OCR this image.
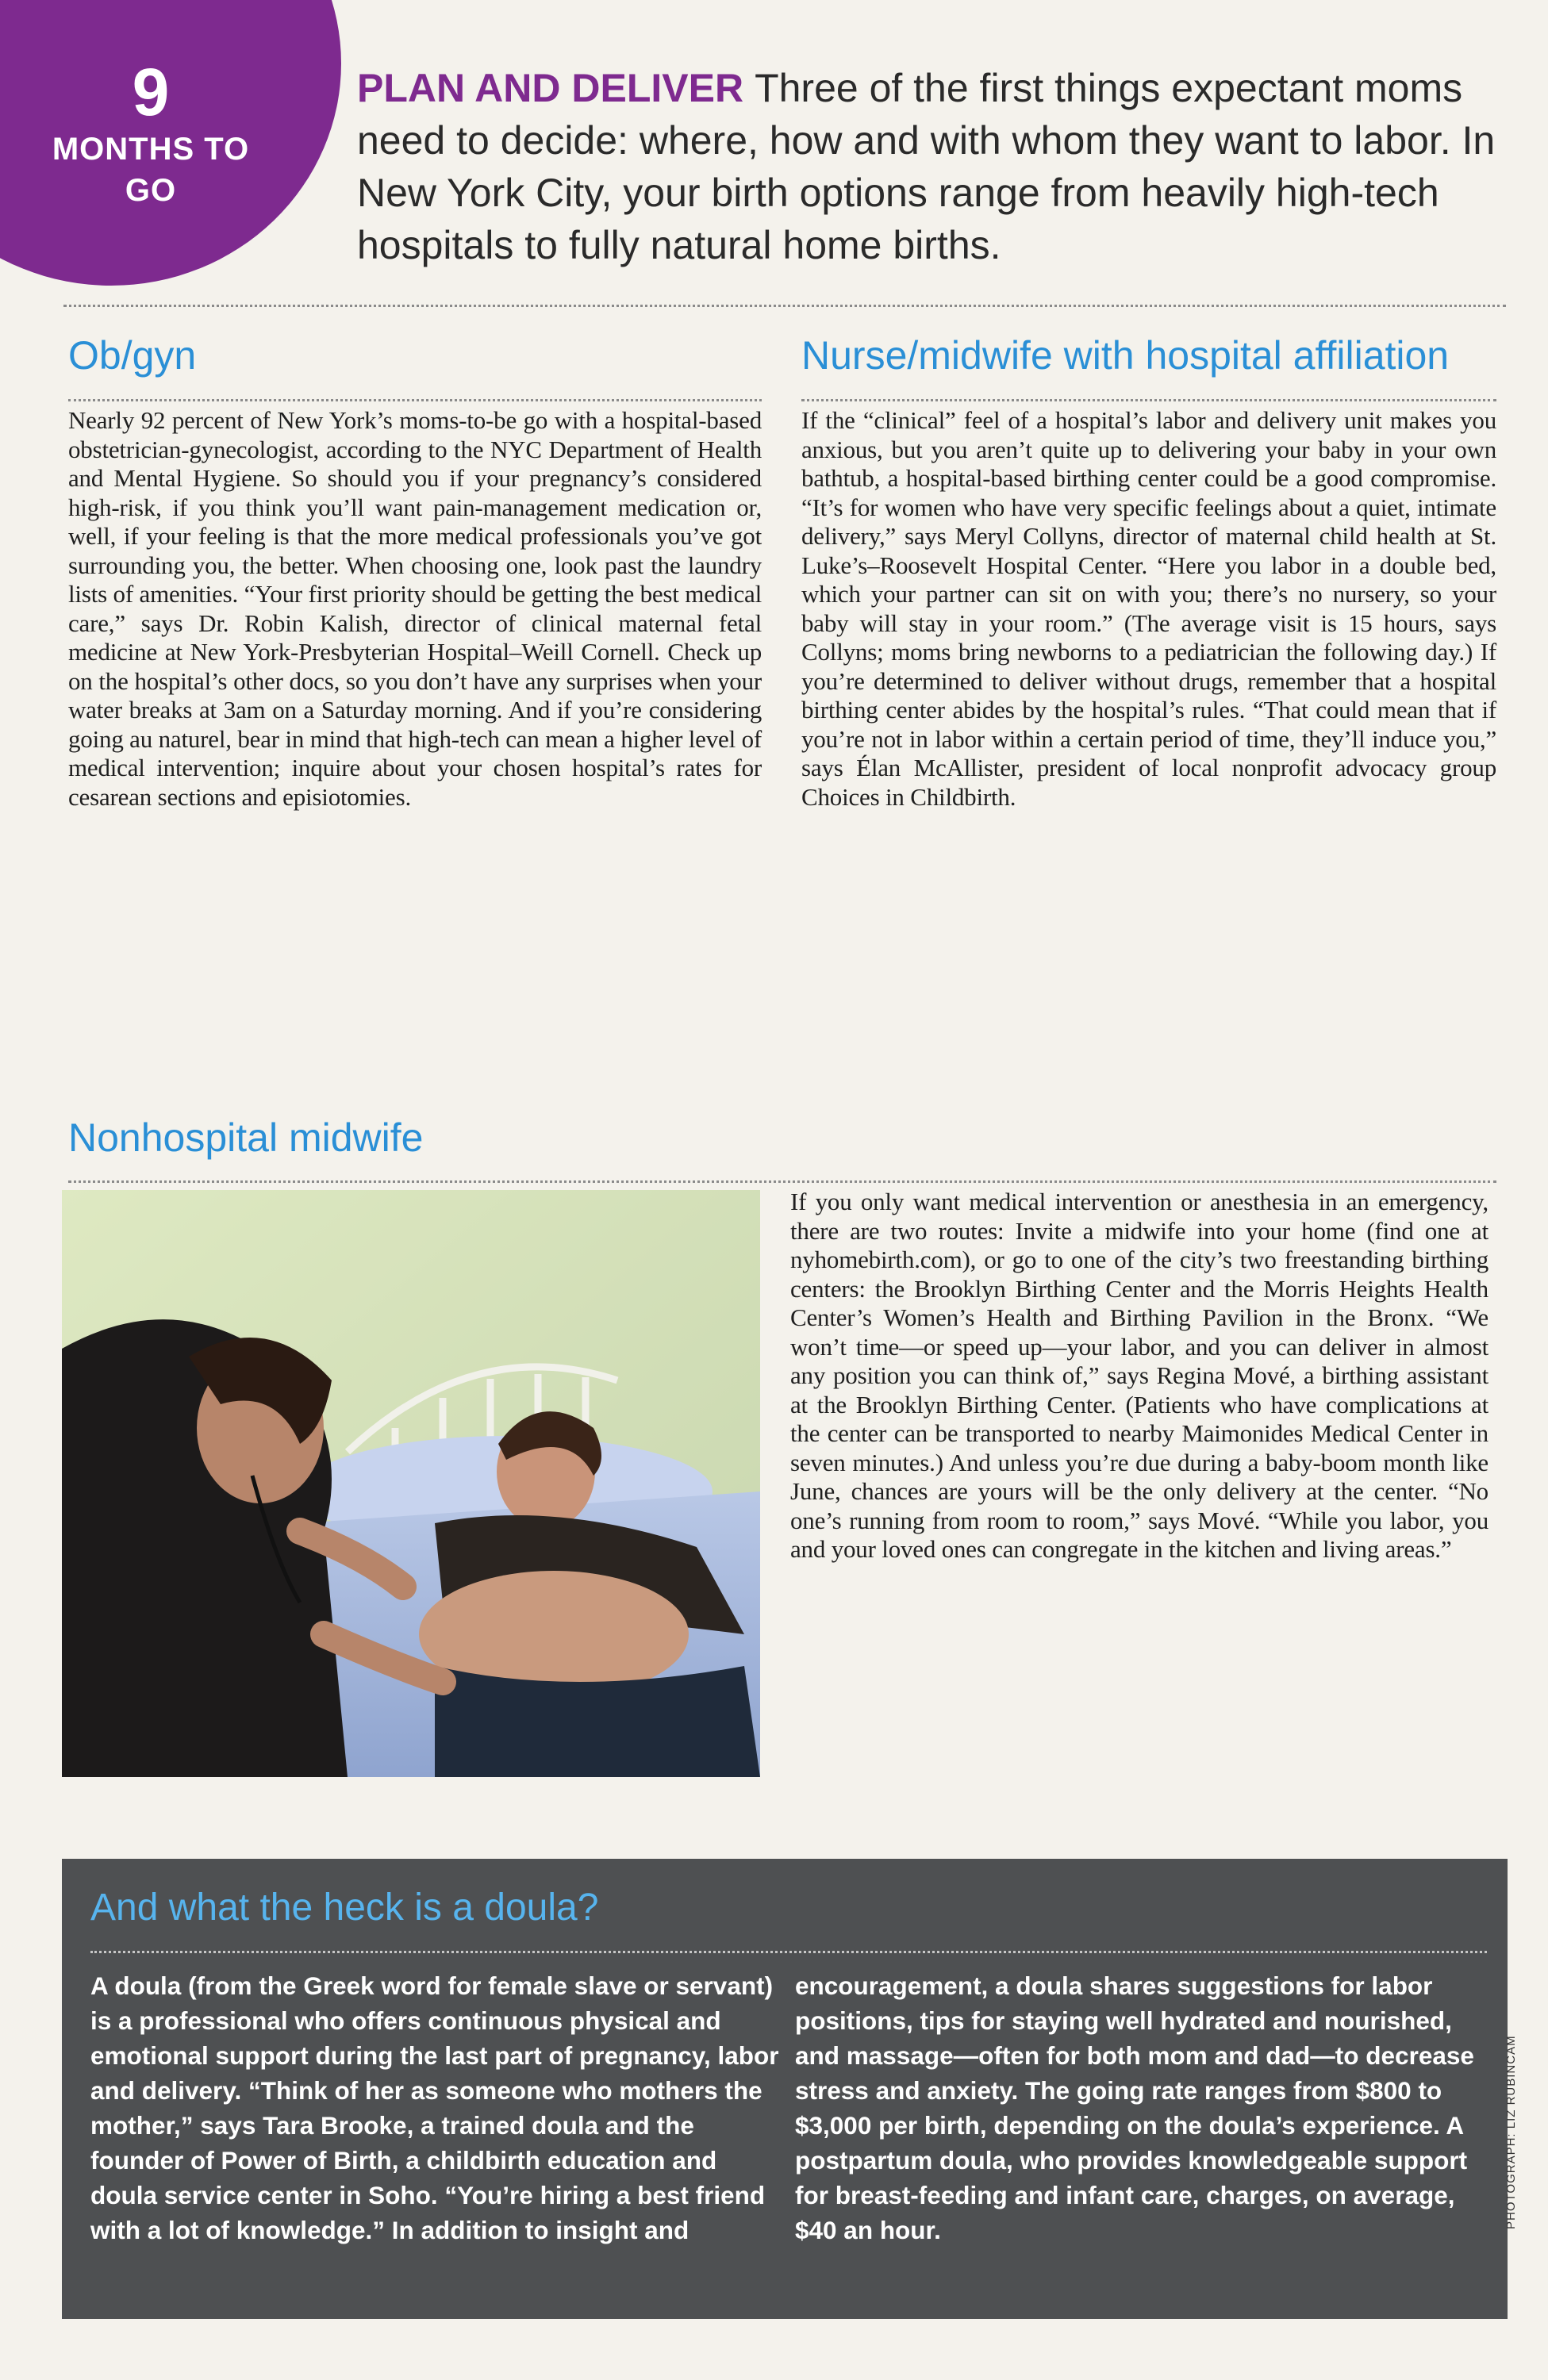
9
MONTHS TO GO

PLAN AND DELIVER Three of the first things expectant moms need to decide: where, how and with whom they want to labor. In New York City, your birth options range from heavily high-tech hospitals to fully natural home births.

Ob/gyn

Nearly 92 percent of New York’s moms-to-be go with a hospital-based obstetrician-gynecologist, according to the NYC Department of Health and Mental Hygiene. So should you if your pregnancy’s considered high-risk, if you think you’ll want pain-management medication or, well, if your feeling is that the more medical professionals you’ve got surrounding you, the better. When choosing one, look past the laundry lists of amenities. “Your first priority should be getting the best medical care,” says Dr. Robin Kalish, director of clinical maternal fetal medicine at New York-Presbyterian Hospital–Weill Cornell. Check up on the hospital’s other docs, so you don’t have any surprises when your water breaks at 3am on a Saturday morning. And if you’re considering going au naturel, bear in mind that high-tech can mean a higher level of medical intervention; inquire about your chosen hospital’s rates for cesarean sections and episiotomies.

Nurse/midwife with hospital affiliation

If the “clinical” feel of a hospital’s labor and delivery unit makes you anxious, but you aren’t quite up to delivering your baby in your own bathtub, a hospital-based birthing center could be a good compromise. “It’s for women who have very specific feelings about a quiet, intimate delivery,” says Meryl Collyns, director of maternal child health at St. Luke’s–Roosevelt Hospital Center. “Here you labor in a double bed, which your partner can sit on with you; there’s no nursery, so your baby will stay in your room.” (The average visit is 15 hours, says Collyns; moms bring newborns to a pediatrician the following day.) If you’re determined to deliver without drugs, remember that a hospital birthing center abides by the hospital’s rules. “That could mean that if you’re not in labor within a certain period of time, they’ll induce you,” says Élan McAllister, president of local nonprofit advocacy group Choices in Childbirth.

Nonhospital midwife

If you only want medical intervention or anesthesia in an emergency, there are two routes: Invite a midwife into your home (find one at nyhomebirth.com), or go to one of the city’s two freestanding birthing centers: the Brooklyn Birthing Center and the Morris Heights Health Center’s Women’s Health and Birthing Pavilion in the Bronx. “We won’t time—or speed up—your labor, and you can deliver in almost any position you can think of,” says Regina Mové, a birthing assistant at the Brooklyn Birthing Center. (Patients who have complications at the center can be transported to nearby Maimonides Medical Center in seven minutes.) And unless you’re due during a baby-boom month like June, chances are yours will be the only delivery at the center. “No one’s running from room to room,” says Mové. “While you labor, you and your loved ones can congregate in the kitchen and living areas.”

And what the heck is a doula?

A doula (from the Greek word for female slave or servant) is a professional who offers continuous physical and emotional support during the last part of pregnancy, labor and delivery. “Think of her as someone who mothers the mother,” says Tara Brooke, a trained doula and the founder of Power of Birth, a childbirth education and doula service center in Soho. “You’re hiring a best friend with a lot of knowledge.” In addition to insight and

encouragement, a doula shares suggestions for labor positions, tips for staying well hydrated and nourished, and massage—often for both mom and dad—to decrease stress and anxiety. The going rate ranges from $800 to $3,000 per birth, depending on the doula’s experience. A postpartum doula, who provides knowledgeable support for breast-feeding and infant care, charges, on average, $40 an hour.

PHOTOGRAPH: LIZ RUBINCAM
